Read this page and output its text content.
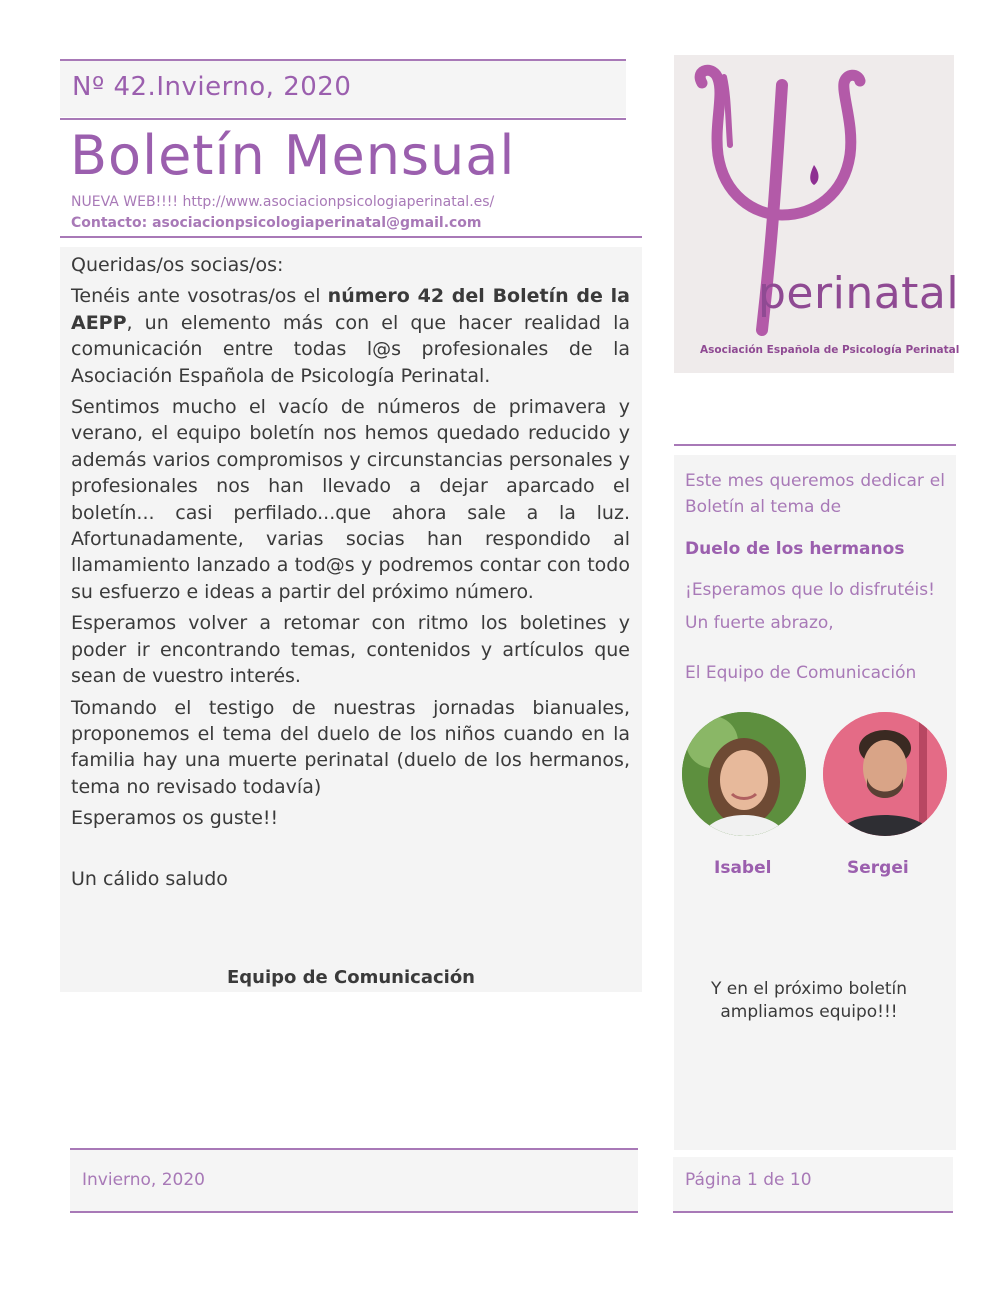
Nº 42.Invierno, 2020
Boletín Mensual
NUEVA WEB!!!! http://www.asociacionpsicologiaperinatal.es/
Contacto: asociacionpsicologiaperinatal@gmail.com
perinatal
Asociación Española de Psicología Perinatal

Queridas/os socias/os:

Tenéis ante vosotras/os el número 42 del Boletín de la AEPP, un elemento más con el que hacer realidad la comunicación entre todas l@s profesionales de la Asociación Española de Psicología Perinatal.

Sentimos mucho el vacío de números de primavera y verano, el equipo boletín nos hemos quedado reducido y además varios compromisos y circunstancias personales y profesionales nos han llevado a dejar aparcado el boletín... casi perfilado...que ahora sale a la luz. Afortunadamente, varias socias han respondido al llamamiento lanzado a tod@s y podremos contar con todo su esfuerzo e ideas a partir del próximo número.

Esperamos volver a retomar con ritmo los boletines y poder ir encontrando temas, contenidos y artículos que sean de vuestro interés.

Tomando el testigo de nuestras jornadas bianuales, proponemos el tema del duelo de los niños cuando en la familia hay una muerte perinatal (duelo de los hermanos, tema no revisado todavía)

Esperamos os guste!!

Un cálido saludo
Equipo de Comunicación
Este mes queremos dedicar el Boletín al tema de
Duelo de los hermanos
¡Esperamos que lo disfrutéis!
Un fuerte abrazo,
El Equipo de Comunicación
Isabel	Sergei
Y en el próximo boletín ampliamos equipo!!!
Invierno, 2020	Página 1 de 10
